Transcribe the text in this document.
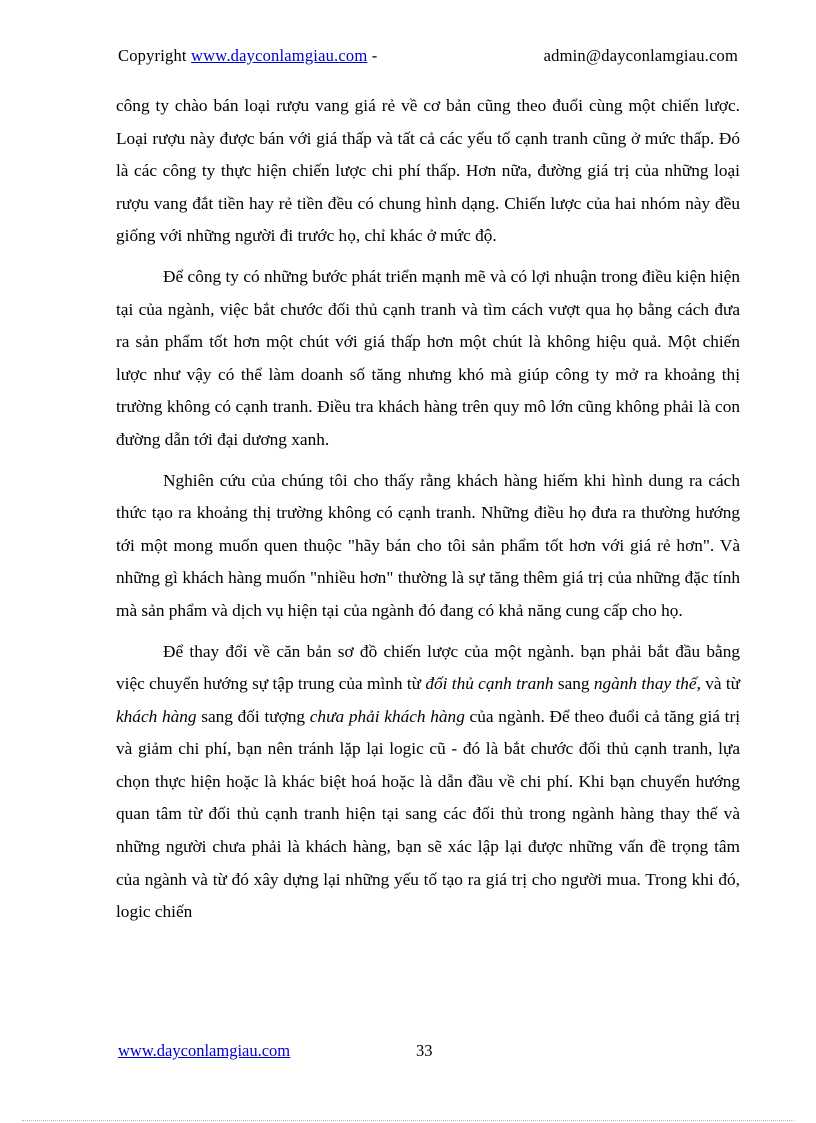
Copyright www.dayconlamgiau.com -	admin@dayconlamgiau.com

công ty chào bán loại rượu vang giá rẻ về cơ bản cũng theo đuổi cùng một chiến lược. Loại rượu này được bán với giá thấp và tất cả các yếu tố cạnh tranh cũng ở mức thấp. Đó là các công ty thực hiện chiến lược chi phí thấp. Hơn nữa, đường giá trị của những loại rượu vang đắt tiền hay rẻ tiền đều có chung hình dạng. Chiến lược của hai nhóm này đều giống với những người đi trước họ, chỉ khác ở mức độ.

Để công ty có những bước phát triển mạnh mẽ và có lợi nhuận trong điều kiện hiện tại của ngành, việc bắt chước đối thủ cạnh tranh và tìm cách vượt qua họ bằng cách đưa ra sản phẩm tốt hơn một chút với giá thấp hơn một chút là không hiệu quả. Một chiến lược như vậy có thể làm doanh số tăng nhưng khó mà giúp công ty mở ra khoảng thị trường không có cạnh tranh. Điều tra khách hàng trên quy mô lớn cũng không phải là con đường dẫn tới đại dương xanh.

Nghiên cứu của chúng tôi cho thấy rằng khách hàng hiếm khi hình dung ra cách thức tạo ra khoảng thị trường không có cạnh tranh. Những điều họ đưa ra thường hướng tới một mong muốn quen thuộc "hãy bán cho tôi sản phẩm tốt hơn với giá rẻ hơn". Và những gì khách hàng muốn "nhiều hơn" thường là sự tăng thêm giá trị của những đặc tính mà sản phẩm và dịch vụ hiện tại của ngành đó đang có khả năng cung cấp cho họ.

Để thay đổi về căn bản sơ đồ chiến lược của một ngành. bạn phải bắt đầu bằng việc chuyển hướng sự tập trung của mình từ đối thủ cạnh tranh sang ngành thay thế, và từ khách hàng sang đối tượng chưa phải khách hàng của ngành. Để theo đuổi cả tăng giá trị và giảm chi phí, bạn nên tránh lặp lại logic cũ - đó là bắt chước đối thủ cạnh tranh, lựa chọn thực hiện hoặc là khác biệt hoá hoặc là dẫn đầu về chi phí. Khi bạn chuyển hướng quan tâm từ đối thủ cạnh tranh hiện tại sang các đối thủ trong ngành hàng thay thế và những người chưa phải là khách hàng, bạn sẽ xác lập lại được những vấn đề trọng tâm của ngành và từ đó xây dựng lại những yếu tố tạo ra giá trị cho người mua. Trong khi đó, logic chiến

www.dayconlamgiau.com	33
